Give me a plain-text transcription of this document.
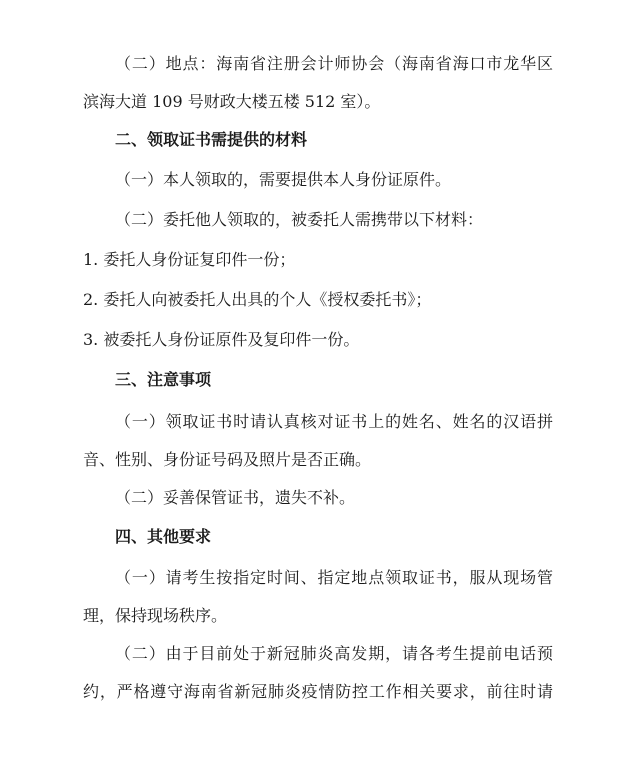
（二）地点：海南省注册会计师协会（海南省海口市龙华区
滨海大道 109 号财政大楼五楼 512 室）。
二、领取证书需提供的材料
（一）本人领取的，需要提供本人身份证原件。
（二）委托他人领取的，被委托人需携带以下材料：
1. 委托人身份证复印件一份；
2. 委托人向被委托人出具的个人《授权委托书》；
3. 被委托人身份证原件及复印件一份。
三、注意事项
（一）领取证书时请认真核对证书上的姓名、姓名的汉语拼
音、性别、身份证号码及照片是否正确。
（二）妥善保管证书，遗失不补。
四、其他要求
（一）请考生按指定时间、指定地点领取证书，服从现场管
理，保持现场秩序。
（二）由于目前处于新冠肺炎高发期，请各考生提前电话预
约，严格遵守海南省新冠肺炎疫情防控工作相关要求，前往时请
